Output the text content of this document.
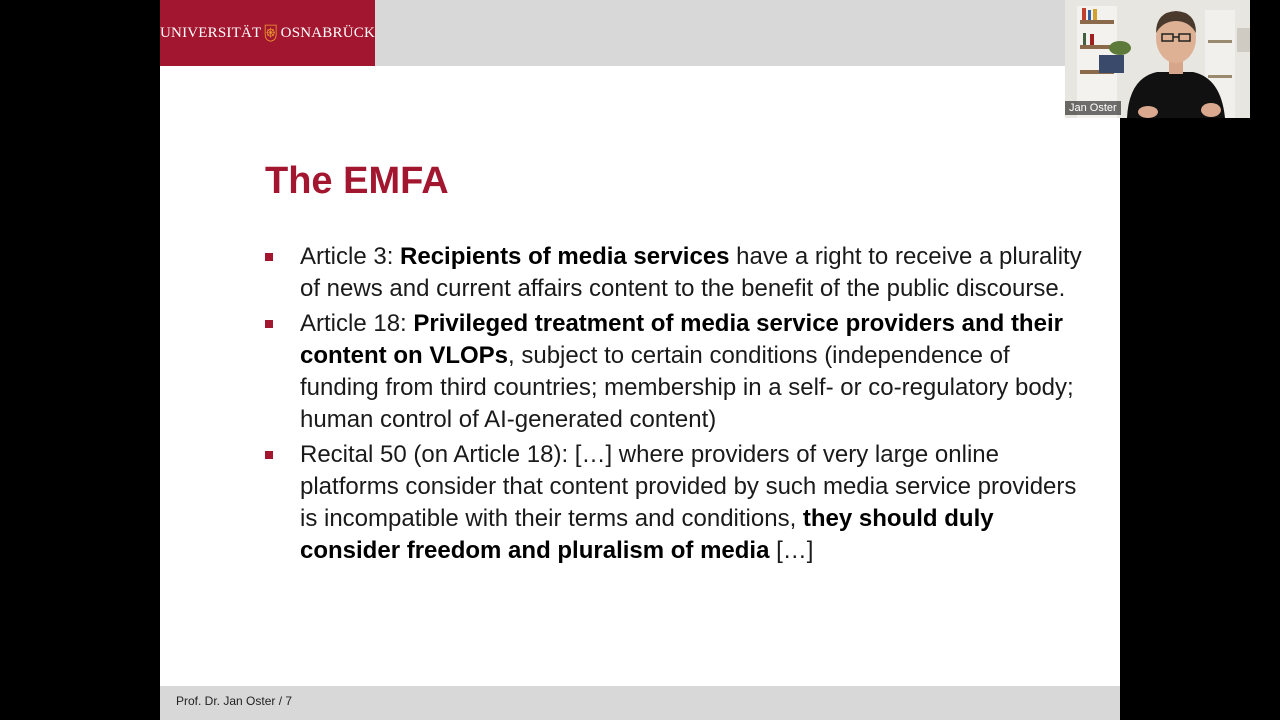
UNIVERSITÄT OSNABRÜCK
The EMFA
Article 3: Recipients of media services have a right to receive a plurality of news and current affairs content to the benefit of the public discourse.
Article 18: Privileged treatment of media service providers and their content on VLOPs, subject to certain conditions (independence of funding from third countries; membership in a self- or co-regulatory body; human control of AI-generated content)
Recital 50 (on Article 18): […] where providers of very large online platforms consider that content provided by such media service providers is incompatible with their terms and conditions, they should duly consider freedom and pluralism of media […]
Prof. Dr. Jan Oster / 7
Jan Oster
